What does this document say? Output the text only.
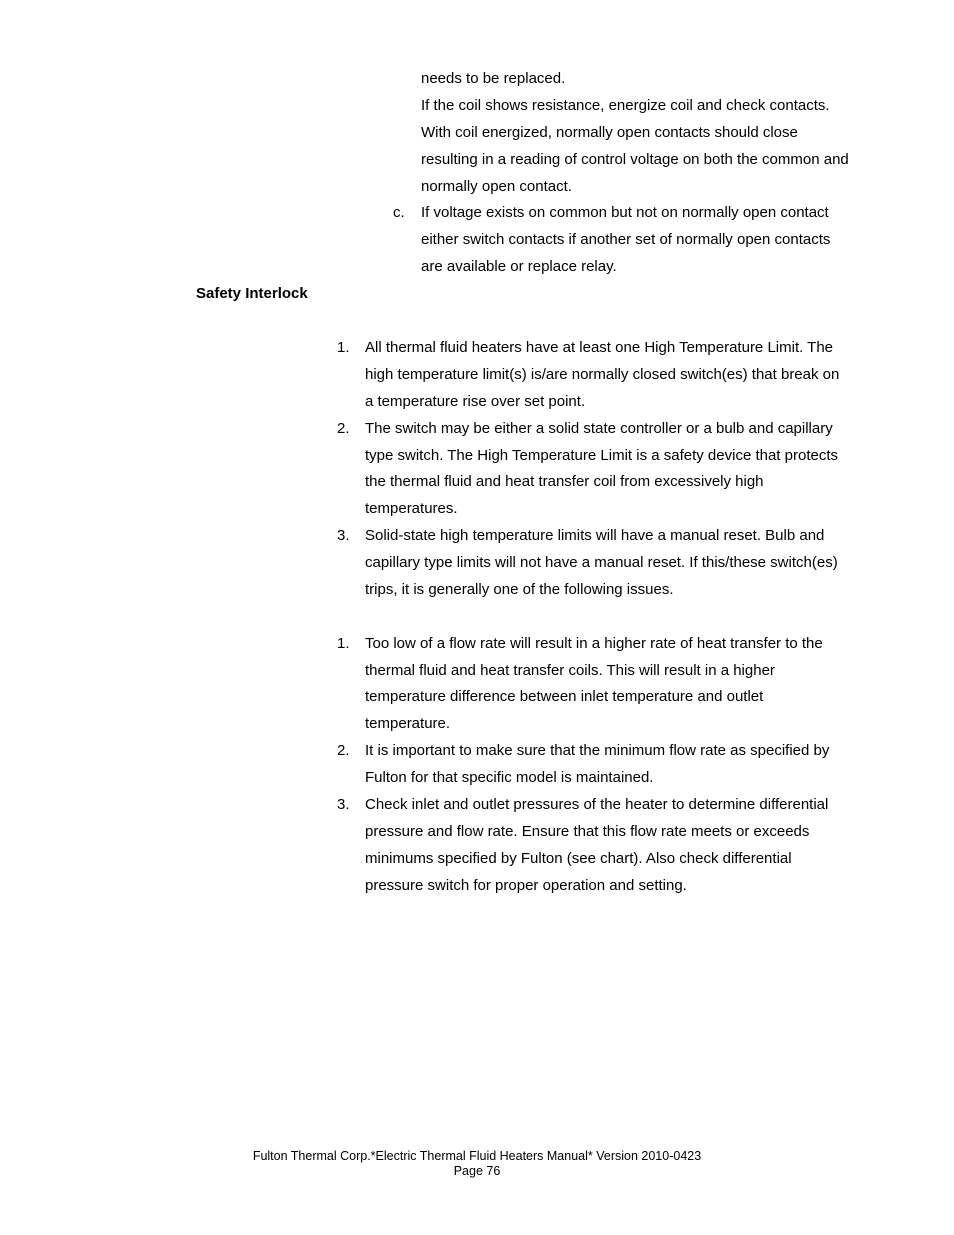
needs to be replaced.
If the coil shows resistance, energize coil and check contacts.
With coil energized, normally open contacts should close
resulting in a reading of control voltage on both the common and
normally open contact.
c. If voltage exists on common but not on normally open contact
either switch contacts if another set of normally open contacts
are available or replace relay.
Safety Interlock
1. All thermal fluid heaters have at least one High Temperature Limit. The
high temperature limit(s) is/are normally closed switch(es) that break on
a temperature rise over set point.
2. The switch may be either a solid state controller or a bulb and capillary
type switch. The High Temperature Limit is a safety device that protects
the thermal fluid and heat transfer coil from excessively high
temperatures.
3. Solid-state high temperature limits will have a manual reset. Bulb and
capillary type limits will not have a manual reset. If this/these switch(es)
trips, it is generally one of the following issues.
1. Too low of a flow rate will result in a higher rate of heat transfer to the
thermal fluid and heat transfer coils. This will result in a higher
temperature difference between inlet temperature and outlet
temperature.
2. It is important to make sure that the minimum flow rate as specified by
Fulton for that specific model is maintained.
3. Check inlet and outlet pressures of the heater to determine differential
pressure and flow rate. Ensure that this flow rate meets or exceeds
minimums specified by Fulton (see chart). Also check differential
pressure switch for proper operation and setting.
Fulton Thermal Corp.*Electric Thermal Fluid Heaters Manual* Version 2010-0423
Page 76
